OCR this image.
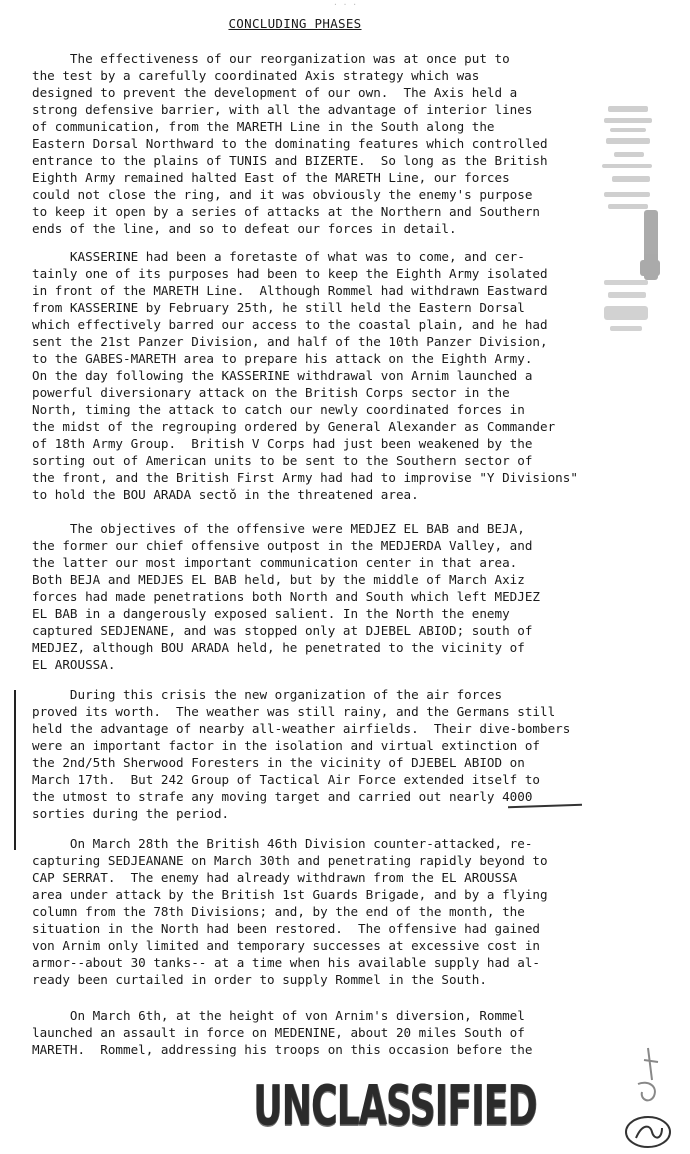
· · ·
CONCLUDING PHASES
The effectiveness of our reorganization was at once put to
the test by a carefully coordinated Axis strategy which was
designed to prevent the development of our own.  The Axis held a
strong defensive barrier, with all the advantage of interior lines
of communication, from the MARETH Line in the South along the
Eastern Dorsal Northward to the dominating features which controlled
entrance to the plains of TUNIS and BIZERTE.  So long as the British
Eighth Army remained halted East of the MARETH Line, our forces
could not close the ring, and it was obviously the enemy's purpose
to keep it open by a series of attacks at the Northern and Southern
ends of the line, and so to defeat our forces in detail.
KASSERINE had been a foretaste of what was to come, and cer-
tainly one of its purposes had been to keep the Eighth Army isolated
in front of the MARETH Line.  Although Rommel had withdrawn Eastward
from KASSERINE by February 25th, he still held the Eastern Dorsal
which effectively barred our access to the coastal plain, and he had
sent the 21st Panzer Division, and half of the 10th Panzer Division,
to the GABES-MARETH area to prepare his attack on the Eighth Army.
On the day following the KASSERINE withdrawal von Arnim launched a
powerful diversionary attack on the British Corps sector in the
North, timing the attack to catch our newly coordinated forces in
the midst of the regrouping ordered by General Alexander as Commander
of 18th Army Group.  British V Corps had just been weakened by the
sorting out of American units to be sent to the Southern sector of
the front, and the British First Army had had to improvise "Y Divisions"
to hold the BOU ARADA sectǒ in the threatened area.
The objectives of the offensive were MEDJEZ EL BAB and BEJA,
the former our chief offensive outpost in the MEDJERDA Valley, and
the latter our most important communication center in that area.
Both BEJA and MEDJES EL BAB held, but by the middle of March Axiz
forces had made penetrations both North and South which left MEDJEZ
EL BAB in a dangerously exposed salient. In the North the enemy
captured SEDJENANE, and was stopped only at DJEBEL ABIOD; south of
MEDJEZ, although BOU ARADA held, he penetrated to the vicinity of
EL AROUSSA.
During this crisis the new organization of the air forces
proved its worth.  The weather was still rainy, and the Germans still
held the advantage of nearby all-weather airfields.  Their dive-bombers
were an important factor in the isolation and virtual extinction of
the 2nd/5th Sherwood Foresters in the vicinity of DJEBEL ABIOD on
March 17th.  But 242 Group of Tactical Air Force extended itself to
the utmost to strafe any moving target and carried out nearly 4000
sorties during the period.
On March 28th the British 46th Division counter-attacked, re-
capturing SEDJEANANE on March 30th and penetrating rapidly beyond to
CAP SERRAT.  The enemy had already withdrawn from the EL AROUSSA
area under attack by the British 1st Guards Brigade, and by a flying
column from the 78th Divisions; and, by the end of the month, the
situation in the North had been restored.  The offensive had gained
von Arnim only limited and temporary successes at excessive cost in
armor--about 30 tanks-- at a time when his available supply had al-
ready been curtailed in order to supply Rommel in the South.
On March 6th, at the height of von Arnim's diversion, Rommel
launched an assault in force on MEDENINE, about 20 miles South of
MARETH.  Rommel, addressing his troops on this occasion before the
UNCLASSIFIED
